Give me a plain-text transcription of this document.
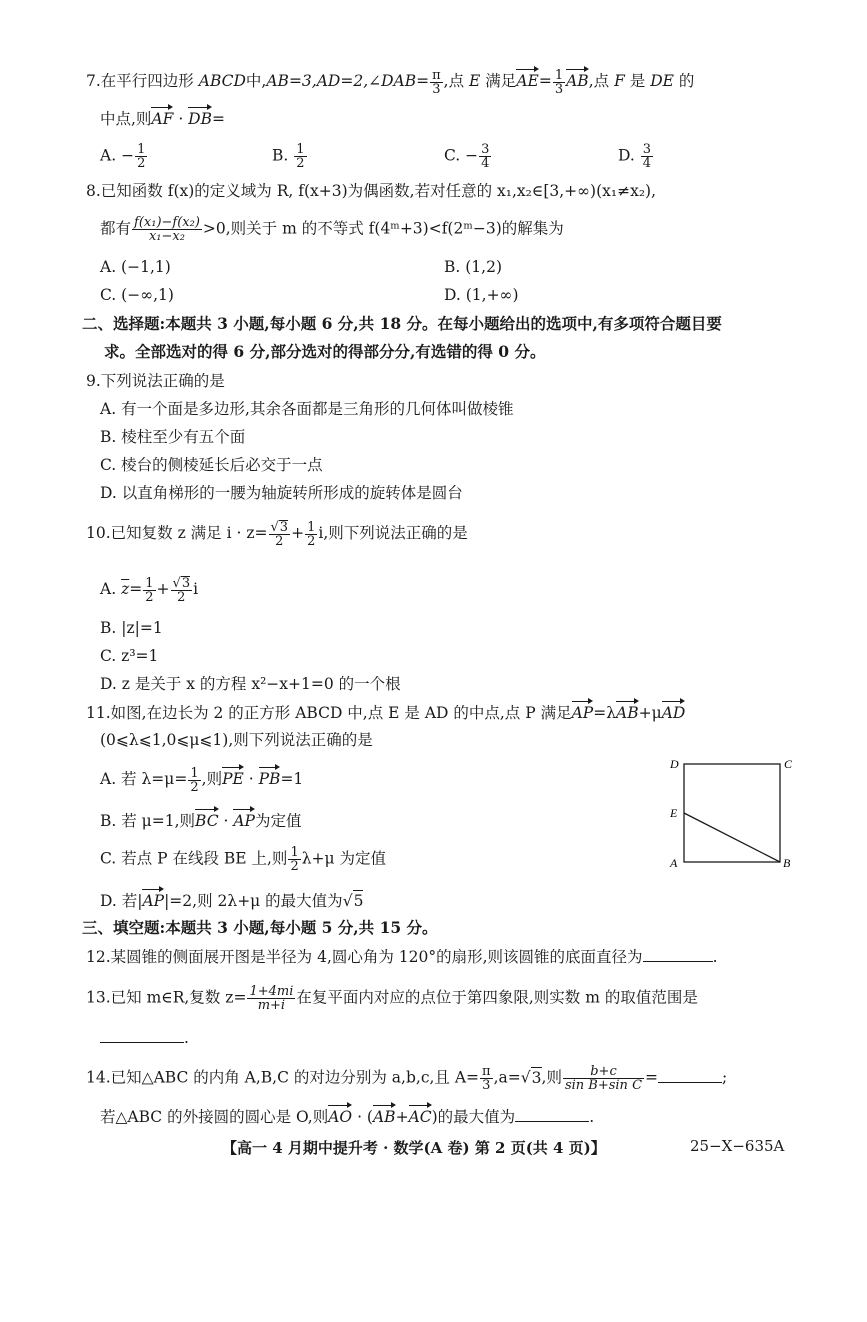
7.在平行四边形 ABCD中,AB=3,AD=2,∠DAB= $\frac{\pi}{3}$ ,点 E 满足$AE= \frac{1}{3}$ AB,点 F 是 DE 的
中点,则AF · DB=
A. − $\frac{1}{2}$	B. $\frac{1}{2}$	C. − $\frac{3}{4}$	D. $\frac{3}{4}$
8.已知函数 f(x)的定义域为 R, f(x+3)为偶函数,若对任意的 x₁,x₂∈[3,+∞)(x₁≠x₂),
都有 $\frac{\text{f(x₁)−f(x₂)}}{\text{x₁−x₂}} >0$,则关于 m 的不等式 f(4ᵐ+3)<f(2ᵐ−3)的解集为
A. (−1,1)	B. (1,2)
C. (−∞,1)	D. (1,+∞)
二、选择题:本题共 3 小题,每小题 6 分,共 18 分。在每小题给出的选项中,有多项符合题目要
求。全部选对的得 6 分,部分选对的得部分分,有选错的得 0 分。
9.下列说法正确的是
A. 有一个面是多边形,其余各面都是三角形的几何体叫做棱锥
B. 棱柱至少有五个面
C. 棱台的侧棱延长后必交于一点
D. 以直角梯形的一腰为轴旋转所形成的旋转体是圆台
10.已知复数 z 满足 $i \cdot z= \frac{√3}{2} + \frac{1}{2} i$,则下列说法正确的是
A. $\overline{z}= \frac{1}{2} + \frac{√3}{2}$ i
B. |z|=1
C. z³=1
D. z 是关于 x 的方程 x²−x+1=0 的一个根
11.如图,在边长为 2 的正方形 ABCD 中,点 E 是 AD 的中点,点 P 满足AP=λAB+μAD
(0⩽λ⩽1,0⩽μ⩽1),则下列说法正确的是
A. 若 $\lambda=\mu= \frac{1}{2}$ ,则PE · PB=1
B. 若 μ=1,则BC · AP为定值
C. 若点 P 在线段 BE 上,则 $\frac{1}{2} \lambda+\mu$ 为定值
D. 若|AP|=2,则 2λ+μ 的最大值为√5
D	C
E
A	B
三、填空题:本题共 3 小题,每小题 5 分,共 15 分。
12.某圆锥的侧面展开图是半径为 4,圆心角为 120°的扇形,则该圆锥的底面直径为	.
13.已知 m∈R,复数 $z= \frac{1+4mi}{m+i}$ 在复平面内对应的点位于第四象限,则实数 m 的取值范围是
.
14.已知△ABC 的内角 A,B,C 的对边分别为 a,b,c,且 $A= \frac{\pi}{3} ,a=√3$,则 $\frac{b+c}{\text{sin B+sin C}}$ =	;
若△ABC 的外接圆的圆心是 O,则AO · (AB+AC)的最大值为	.
【高一 4 月期中提升考 · 数学(A 卷) 第 2 页(共 4 页)】	25−X−635A
